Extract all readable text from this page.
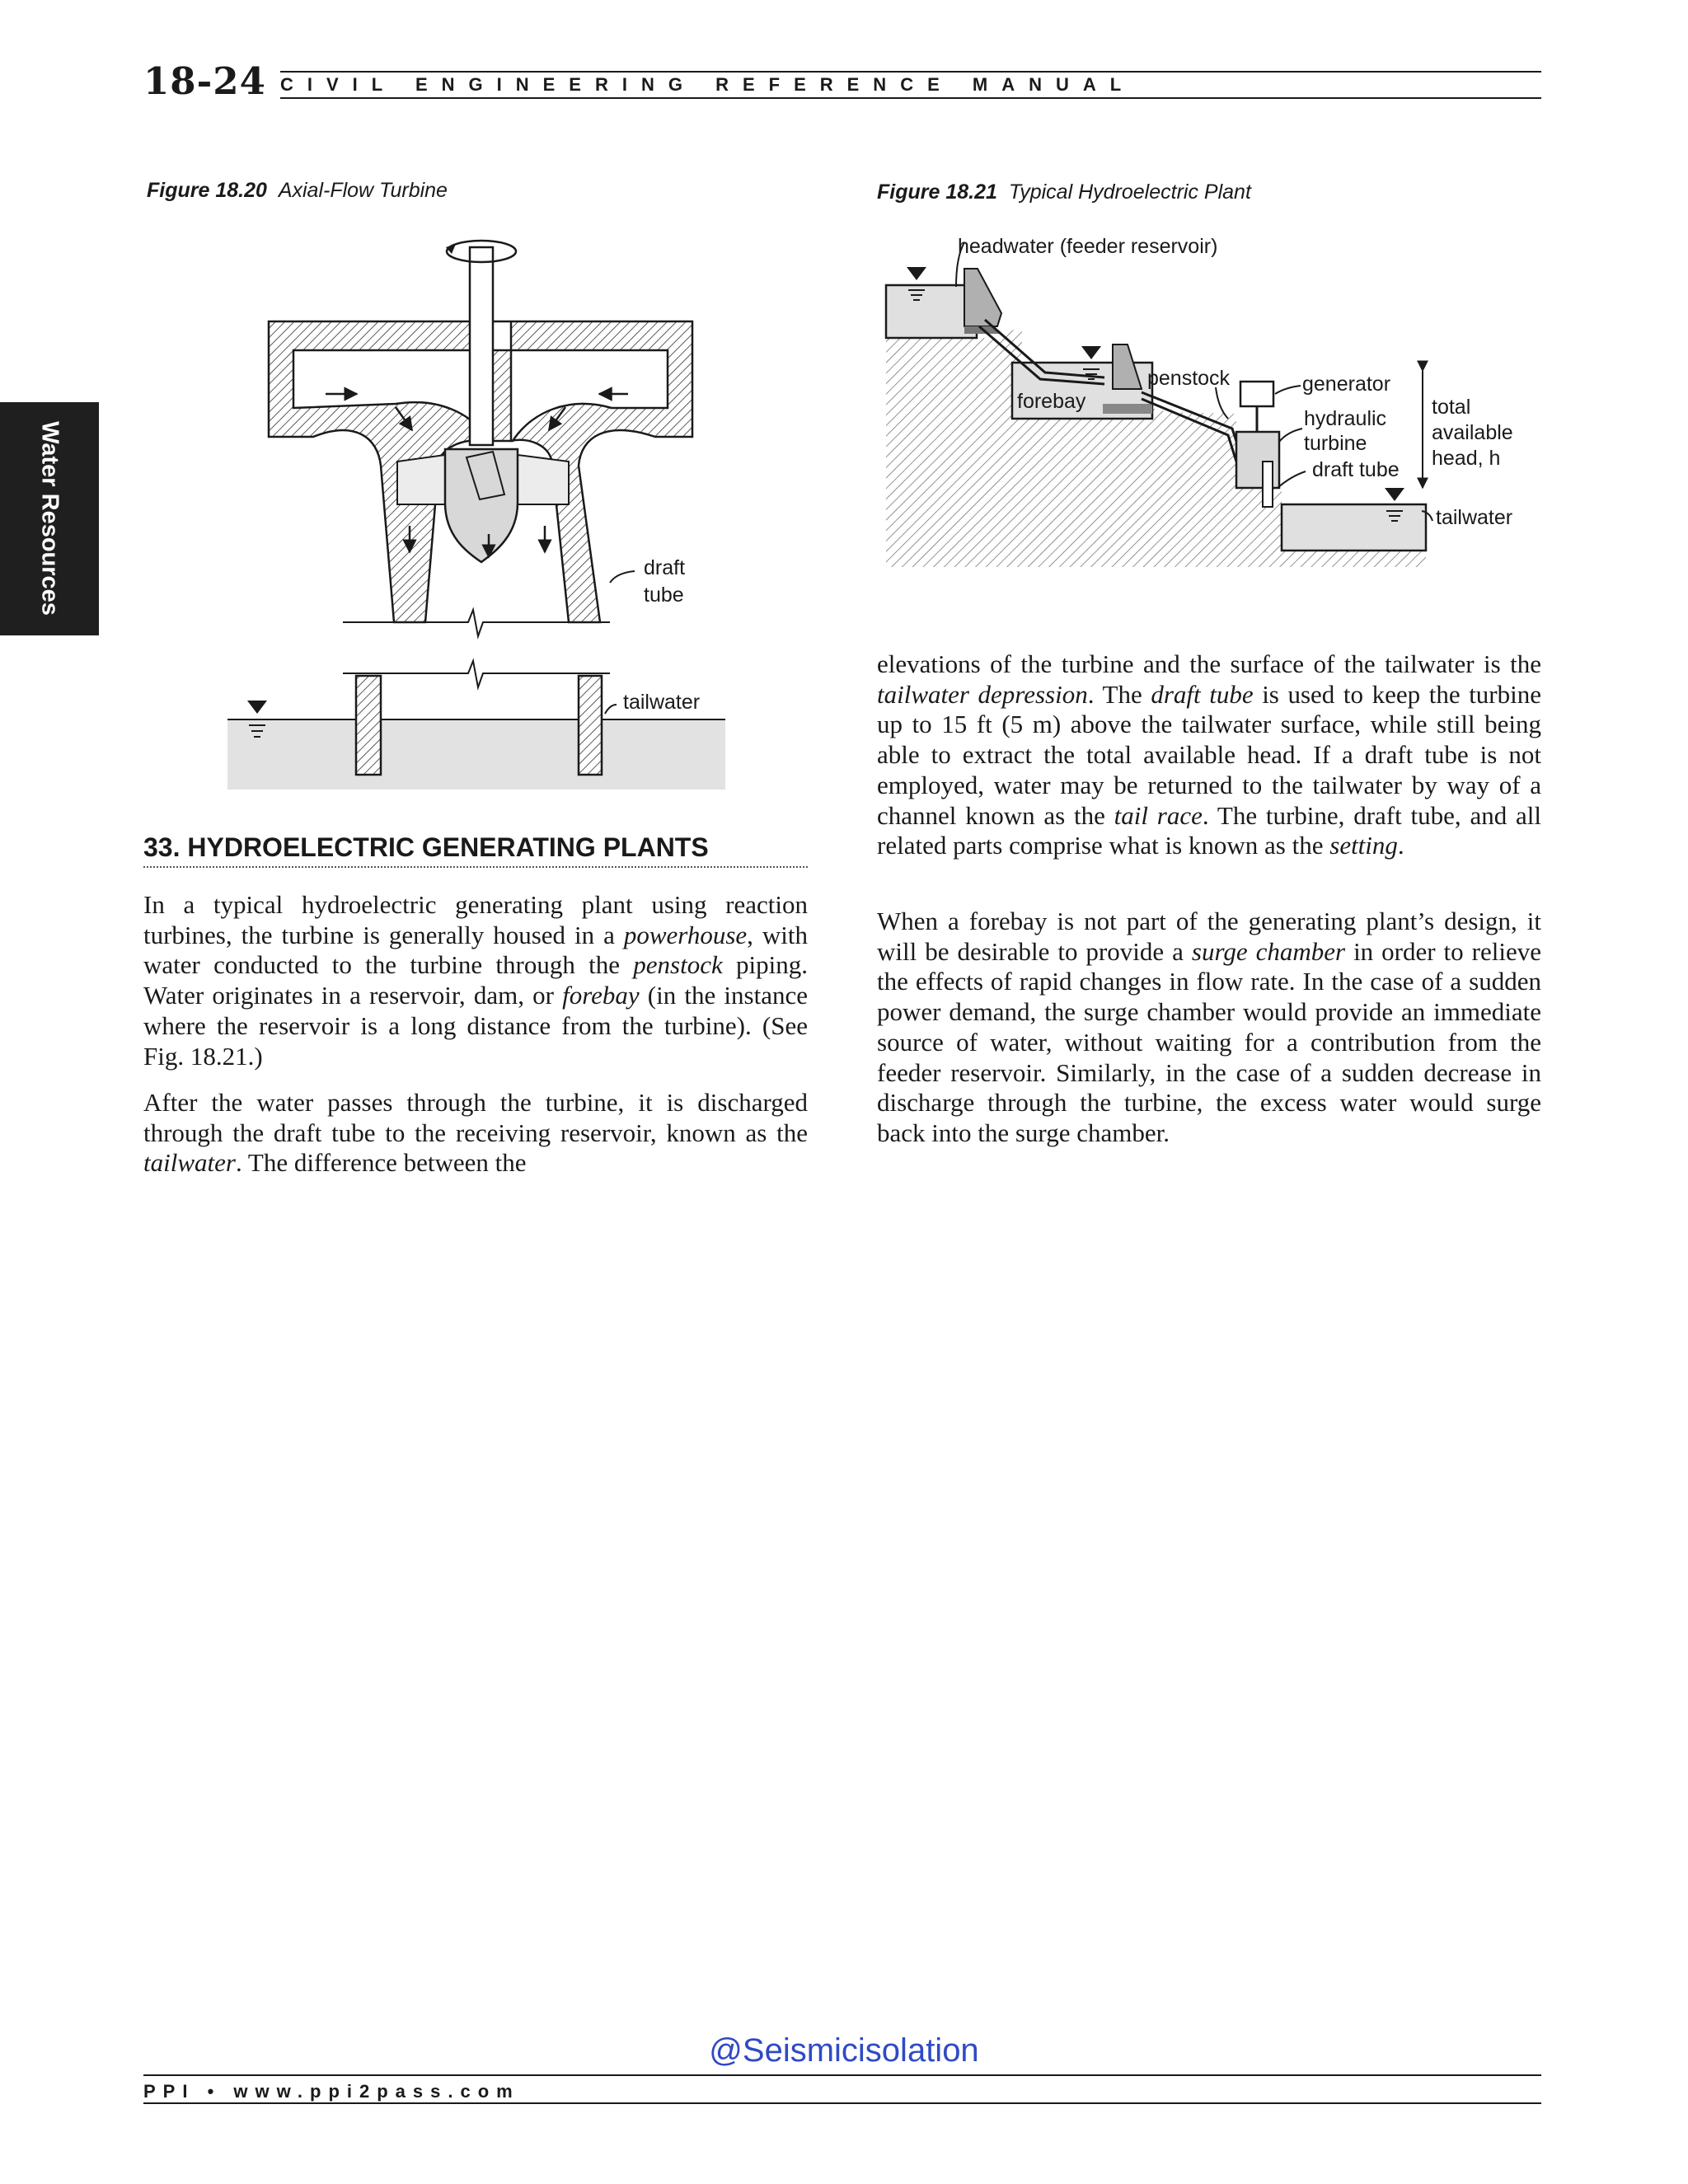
18-24 CIVIL ENGINEERING REFERENCE MANUAL
Water Resources
Figure 18.20 Axial-Flow Turbine
draft
tube
tailwater
Figure 18.21 Typical Hydroelectric Plant
headwater (feeder reservoir)
penstock
forebay
generator
hydraulic
turbine
draft tube
total
available
head, h
tailwater
33. HYDROELECTRIC GENERATING PLANTS
In a typical hydroelectric generating plant using reaction turbines, the turbine is generally housed in a powerhouse, with water conducted to the turbine through the penstock piping. Water originates in a reservoir, dam, or forebay (in the instance where the reservoir is a long distance from the turbine). (See Fig. 18.21.)
After the water passes through the turbine, it is discharged through the draft tube to the receiving reservoir, known as the tailwater. The difference between the
elevations of the turbine and the surface of the tailwater is the tailwater depression. The draft tube is used to keep the turbine up to 15 ft (5 m) above the tailwater surface, while still being able to extract the total available head. If a draft tube is not employed, water may be returned to the tailwater by way of a channel known as the tail race. The turbine, draft tube, and all related parts comprise what is known as the setting.
When a forebay is not part of the generating plant’s design, it will be desirable to provide a surge chamber in order to relieve the effects of rapid changes in flow rate. In the case of a sudden power demand, the surge chamber would provide an immediate source of water, without waiting for a contribution from the feeder reservoir. Similarly, in the case of a sudden decrease in discharge through the turbine, the excess water would surge back into the surge chamber.
@Seismicisolation
PPI • www.ppi2pass.com
